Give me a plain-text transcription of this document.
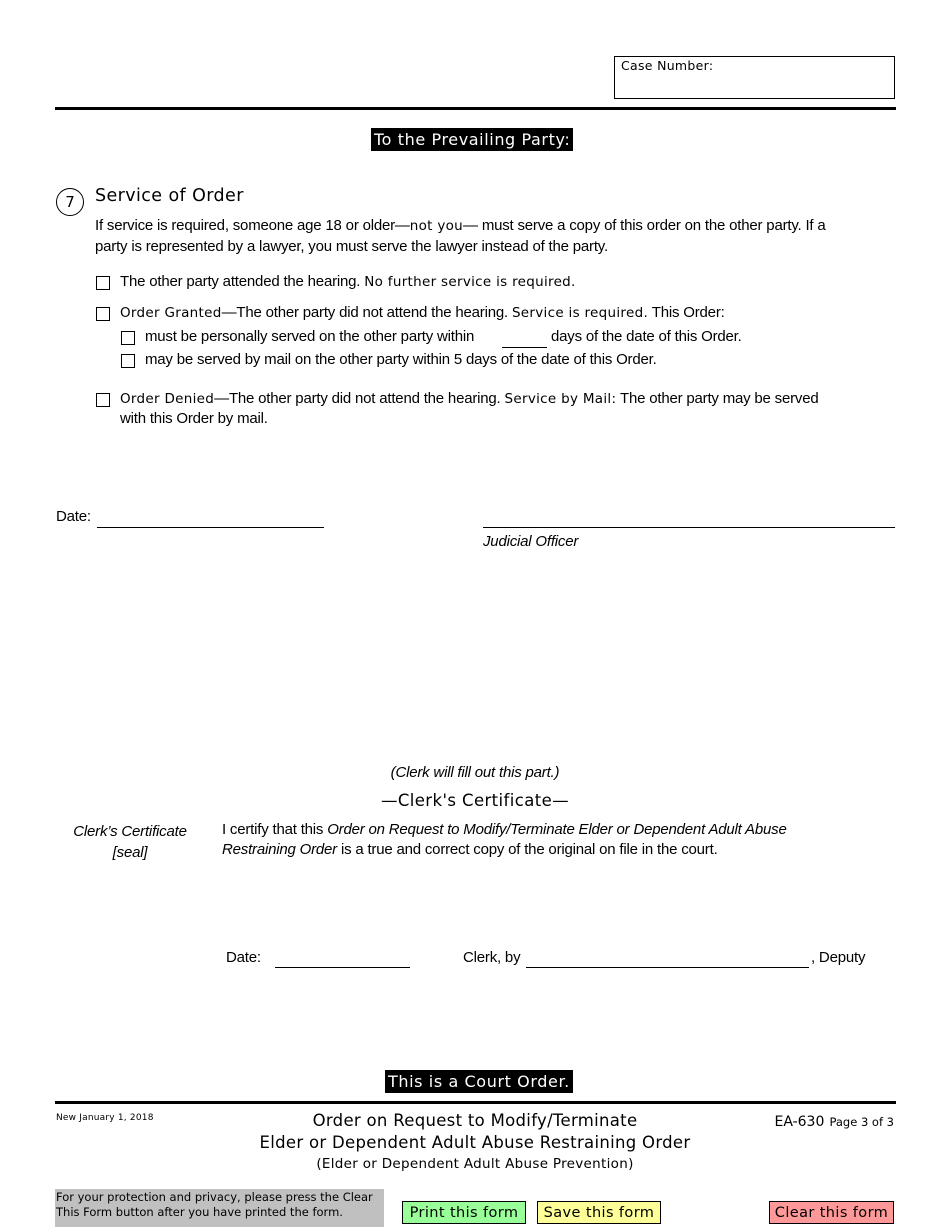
Case Number:
To the Prevailing Party:
7	Service of Order
If service is required, someone age 18 or older—not you— must serve a copy of this order on the other party. If a
party is represented by a lawyer, you must serve the lawyer instead of the party.
The other party attended the hearing. No further service is required.
Order Granted—The other party did not attend the hearing. Service is required. This Order:
must be personally served on the other party within	days of the date of this Order.
may be served by mail on the other party within 5 days of the date of this Order.
Order Denied—The other party did not attend the hearing. Service by Mail: The other party may be served
with this Order by mail.
Date:
Judicial Officer
(Clerk will fill out this part.)
—Clerk's Certificate—
Clerk’s Certificate
[seal]
I certify that this Order on Request to Modify/Terminate Elder or Dependent Adult Abuse
Restraining Order is a true and correct copy of the original on file in the court.
Date:	Clerk, by	, Deputy
This is a Court Order.
New January 1, 2018	Order on Request to Modify/Terminate
Elder or Dependent Adult Abuse Restraining Order
(Elder or Dependent Adult Abuse Prevention)
EA-630 Page 3 of 3
For your protection and privacy, please press the Clear This Form button after you have printed the form.	Print this form	Save this form	Clear this form
